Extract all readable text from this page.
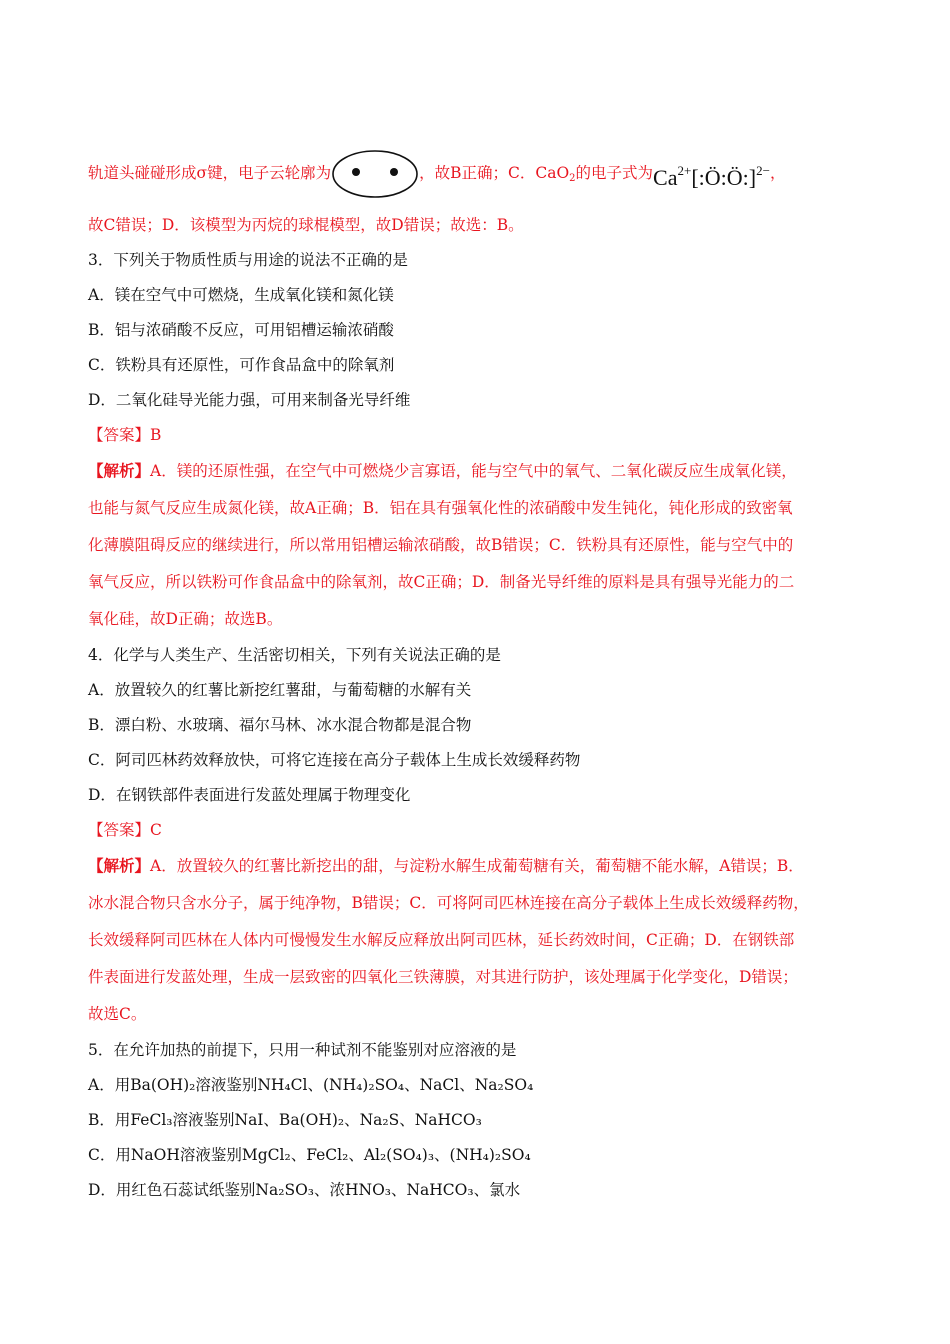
轨道头碰碰形成σ键，电子云轮廓为	，故B正确；C．CaO$_2$的电子式为$Ca^{2+}[:Ö:Ö:]^{2-}$，
故C错误；D．该模型为丙烷的球棍模型，故D错误；故选：B。
3．下列关于物质性质与用途的说法不正确的是
A．镁在空气中可燃烧，生成氧化镁和氮化镁
B．铝与浓硝酸不反应，可用铝槽运输浓硝酸
C．铁粉具有还原性，可作食品盒中的除氧剂
D．二氧化硅导光能力强，可用来制备光导纤维
【答案】B
【解析】A．镁的还原性强，在空气中可燃烧少言寡语，能与空气中的氧气、二氧化碳反应生成氧化镁，
也能与氮气反应生成氮化镁，故A正确；B．铝在具有强氧化性的浓硝酸中发生钝化，钝化形成的致密氧
化薄膜阻碍反应的继续进行，所以常用铝槽运输浓硝酸，故B错误；C．铁粉具有还原性，能与空气中的
氧气反应，所以铁粉可作食品盒中的除氧剂，故C正确；D．制备光导纤维的原料是具有强导光能力的二
氧化硅，故D正确；故选B。
4．化学与人类生产、生活密切相关，下列有关说法正确的是
A．放置较久的红薯比新挖红薯甜，与葡萄糖的水解有关
B．漂白粉、水玻璃、福尔马林、冰水混合物都是混合物
C．阿司匹林药效释放快，可将它连接在高分子载体上生成长效缓释药物
D．在钢铁部件表面进行发蓝处理属于物理变化
【答案】C
【解析】A．放置较久的红薯比新挖出的甜，与淀粉水解生成葡萄糖有关，葡萄糖不能水解，A错误；B．
冰水混合物只含水分子，属于纯净物，B错误；C．可将阿司匹林连接在高分子载体上生成长效缓释药物，
长效缓释阿司匹林在人体内可慢慢发生水解反应释放出阿司匹林，延长药效时间，C正确；D．在钢铁部
件表面进行发蓝处理，生成一层致密的四氧化三铁薄膜，对其进行防护，该处理属于化学变化，D错误；
故选C。
5．在允许加热的前提下，只用一种试剂不能鉴别对应溶液的是
A．用Ba(OH)₂溶液鉴别NH₄Cl、(NH₄)₂SO₄、NaCl、Na₂SO₄
B．用FeCl₃溶液鉴别NaI、Ba(OH)₂、Na₂S、NaHCO₃
C．用NaOH溶液鉴别MgCl₂、FeCl₂、Al₂(SO₄)₃、(NH₄)₂SO₄
D．用红色石蕊试纸鉴别Na₂SO₃、浓HNO₃、NaHCO₃、氯水
